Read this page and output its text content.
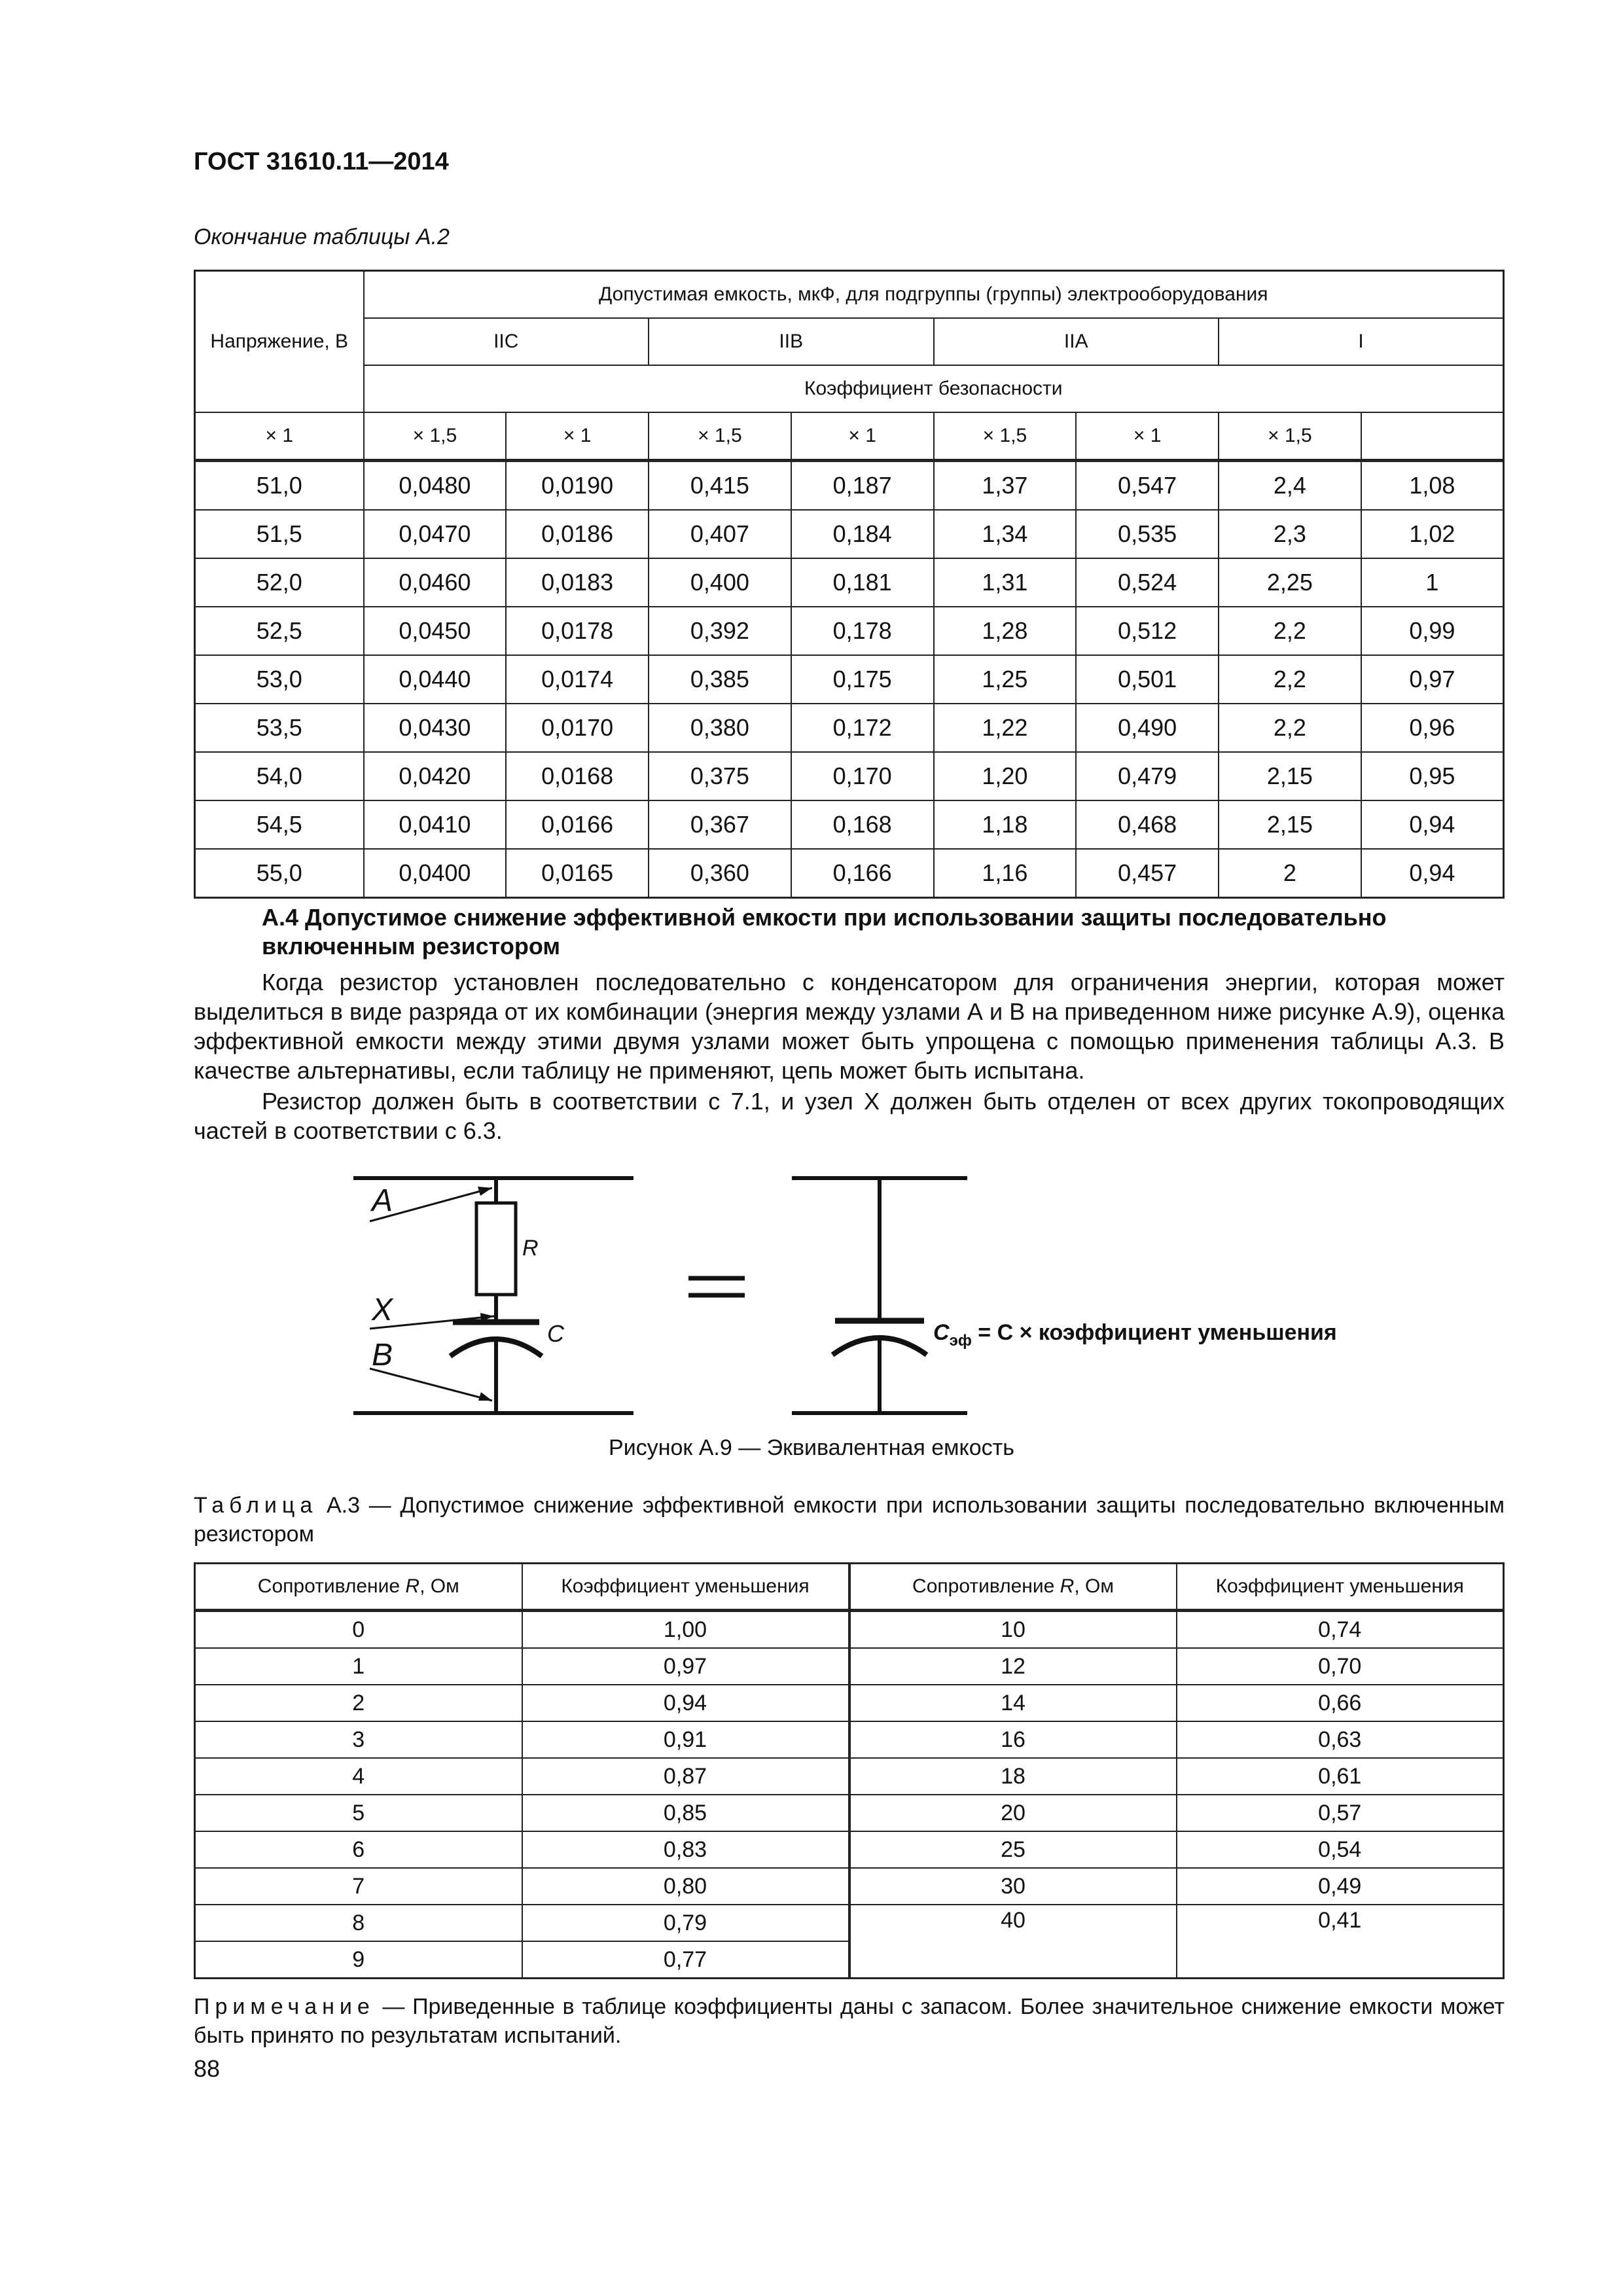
ГОСТ 31610.11—2014
Окончание таблицы А.2
Напряжение, В	Допустимая емкость, мкФ, для подгруппы (группы) электрооборудования							
	IIC		IIB		IIA		I	
	Коэффициент безопасности							
× 1	× 1,5	× 1	× 1,5	× 1	× 1,5	× 1	× 1,5	
51,0	0,0480	0,0190	0,415	0,187	1,37	0,547	2,4	1,08
51,5	0,0470	0,0186	0,407	0,184	1,34	0,535	2,3	1,02
52,0	0,0460	0,0183	0,400	0,181	1,31	0,524	2,25	1
52,5	0,0450	0,0178	0,392	0,178	1,28	0,512	2,2	0,99
53,0	0,0440	0,0174	0,385	0,175	1,25	0,501	2,2	0,97
53,5	0,0430	0,0170	0,380	0,172	1,22	0,490	2,2	0,96
54,0	0,0420	0,0168	0,375	0,170	1,20	0,479	2,15	0,95
54,5	0,0410	0,0166	0,367	0,168	1,18	0,468	2,15	0,94
55,0	0,0400	0,0165	0,360	0,166	1,16	0,457	2	0,94
А.4 Допустимое снижение эффективной емкости при использовании защиты последовательно включенным резистором
Когда резистор установлен последовательно с конденсатором для ограничения энергии, которая может выделиться в виде разряда от их комбинации (энергия между узлами А и В на приведенном ниже рисунке А.9), оценка эффективной емкости между этими двумя узлами может быть упрощена с помощью применения таблицы А.3. В качестве альтернативы, если таблицу не применяют, цепь может быть испытана.
Резистор должен быть в соответствии с 7.1, и узел Х должен быть отделен от всех других токопроводящих частей в соответствии с 6.3.
A
X
B
R
C	$C_{эф} = C$ × коэффициент уменьшения
Рисунок А.9 — Эквивалентная емкость
Таблица А.3 — Допустимое снижение эффективной емкости при использовании защиты последовательно включенным резистором
Сопротивление R, Ом	Коэффициент уменьшения	Сопротивление R, Ом	Коэффициент уменьшения
0	1,00	10	0,74
1	0,97	12	0,70
2	0,94	14	0,66
3	0,91	16	0,63
4	0,87	18	0,61
5	0,85	20	0,57
6	0,83	25	0,54
7	0,80	30	0,49
8	0,79	40	0,41
9	0,77		
Примечание — Приведенные в таблице коэффициенты даны с запасом. Более значительное снижение емкости может быть принято по результатам испытаний.
88
